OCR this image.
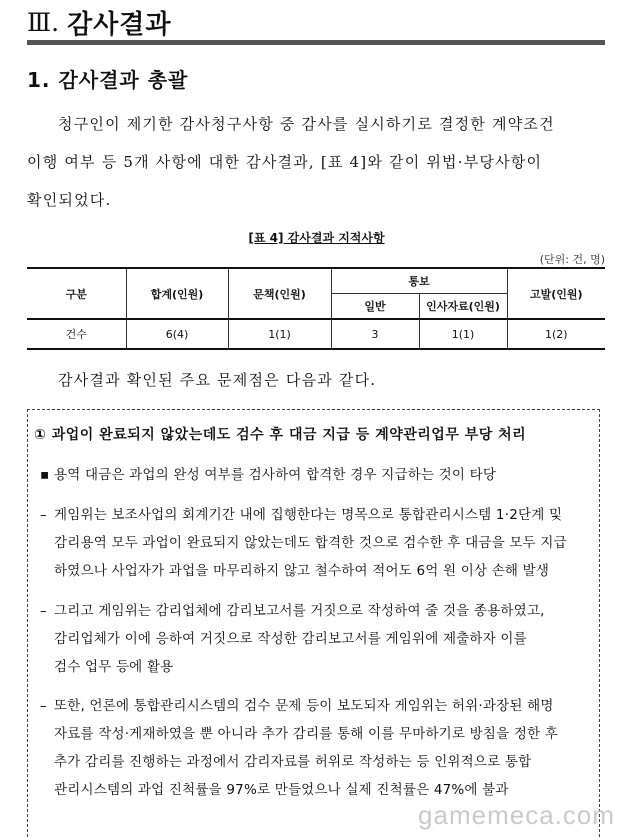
Ⅲ. 감사결과
1. 감사결과 총괄
청구인이 제기한 감사청구사항 중 감사를 실시하기로 결정한 계약조건
이행 여부 등 5개 사항에 대한 감사결과, [표 4]와 같이 위법·부당사항이
확인되었다.
[표 4] 감사결과 지적사항
(단위: 건, 명)
구분	합계(인원)	문책(인원)	통보		고발(인원)
			일반	인사자료(인원)	
건수	6(4)	1(1)	3	1(1)	1(2)
감사결과 확인된 주요 문제점은 다음과 같다.
① 과업이 완료되지 않았는데도 검수 후 대금 지급 등 계약관리업무 부당 처리
▪ 용역 대금은 과업의 완성 여부를 검사하여 합격한 경우 지급하는 것이 타당
– 게임위는 보조사업의 회계기간 내에 집행한다는 명목으로 통합관리시스템 1·2단계 및
감리용역 모두 과업이 완료되지 않았는데도 합격한 것으로 검수한 후 대금을 모두 지급
하였으나 사업자가 과업을 마무리하지 않고 철수하여 적어도 6억 원 이상 손해 발생
– 그리고 게임위는 감리업체에 감리보고서를 거짓으로 작성하여 줄 것을 종용하였고,
감리업체가 이에 응하여 거짓으로 작성한 감리보고서를 게임위에 제출하자 이를
검수 업무 등에 활용
– 또한, 언론에 통합관리시스템의 검수 문제 등이 보도되자 게임위는 허위·과장된 해명
자료를 작성·게재하였을 뿐 아니라 추가 감리를 통해 이를 무마하기로 방침을 정한 후
추가 감리를 진행하는 과정에서 감리자료를 허위로 작성하는 등 인위적으로 통합
관리시스템의 과업 진척률을 97%로 만들었으나 실제 진척률은 47%에 불과
gamemeca.com
